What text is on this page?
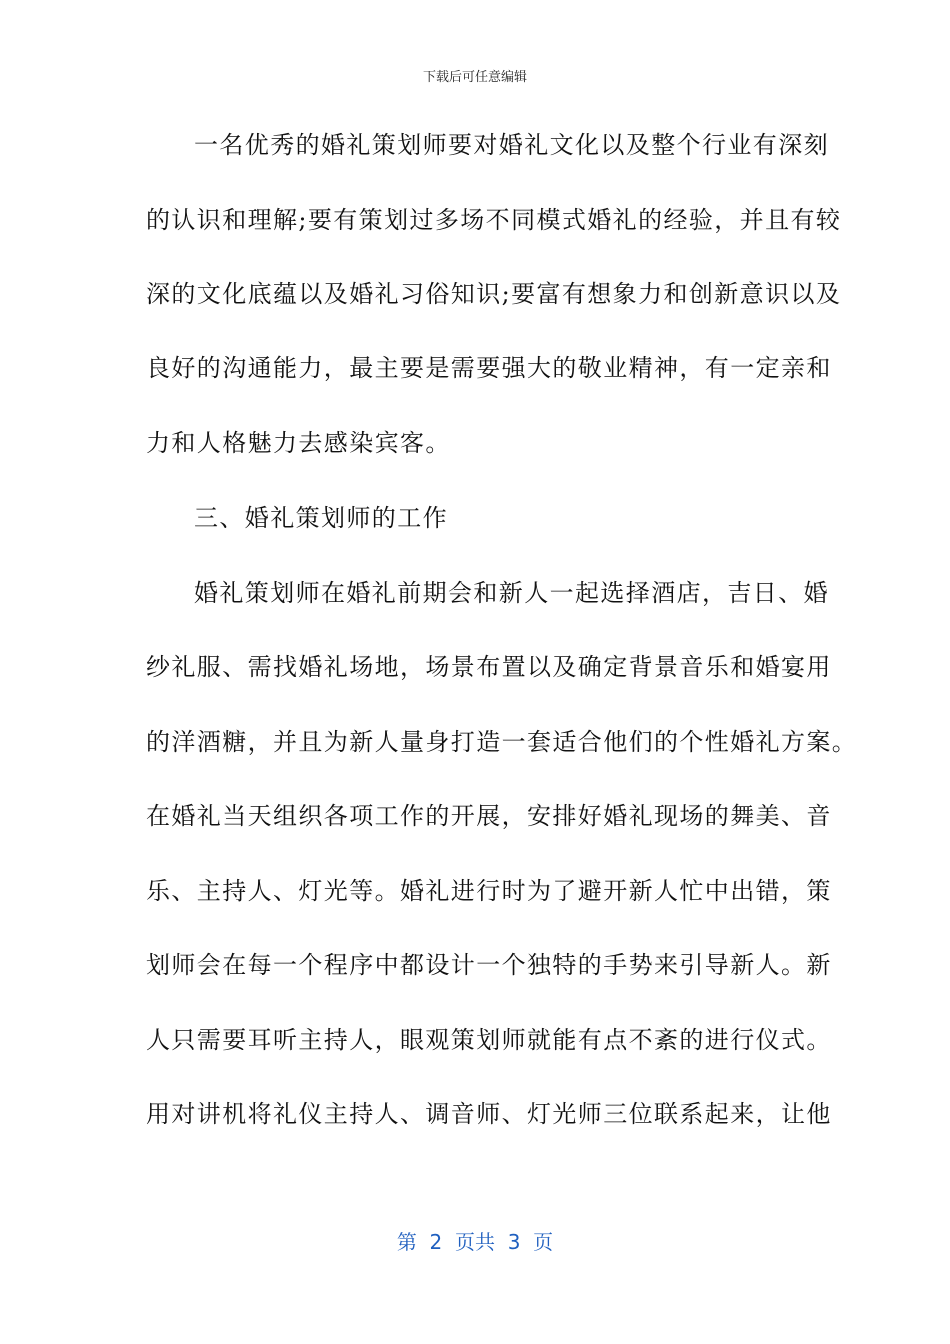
下载后可任意编辑
一名优秀的婚礼策划师要对婚礼文化以及整个行业有深刻
的认识和理解;要有策划过多场不同模式婚礼的经验，并且有较
深的文化底蕴以及婚礼习俗知识;要富有想象力和创新意识以及
良好的沟通能力，最主要是需要强大的敬业精神，有一定亲和
力和人格魅力去感染宾客。
三、婚礼策划师的工作
婚礼策划师在婚礼前期会和新人一起选择酒店，吉日、婚
纱礼服、需找婚礼场地，场景布置以及确定背景音乐和婚宴用
的洋酒糖，并且为新人量身打造一套适合他们的个性婚礼方案。
在婚礼当天组织各项工作的开展，安排好婚礼现场的舞美、音
乐、主持人、灯光等。婚礼进行时为了避开新人忙中出错，策
划师会在每一个程序中都设计一个独特的手势来引导新人。新
人只需要耳听主持人，眼观策划师就能有点不紊的进行仪式。
用对讲机将礼仪主持人、调音师、灯光师三位联系起来，让他
第  2  页共  3  页
